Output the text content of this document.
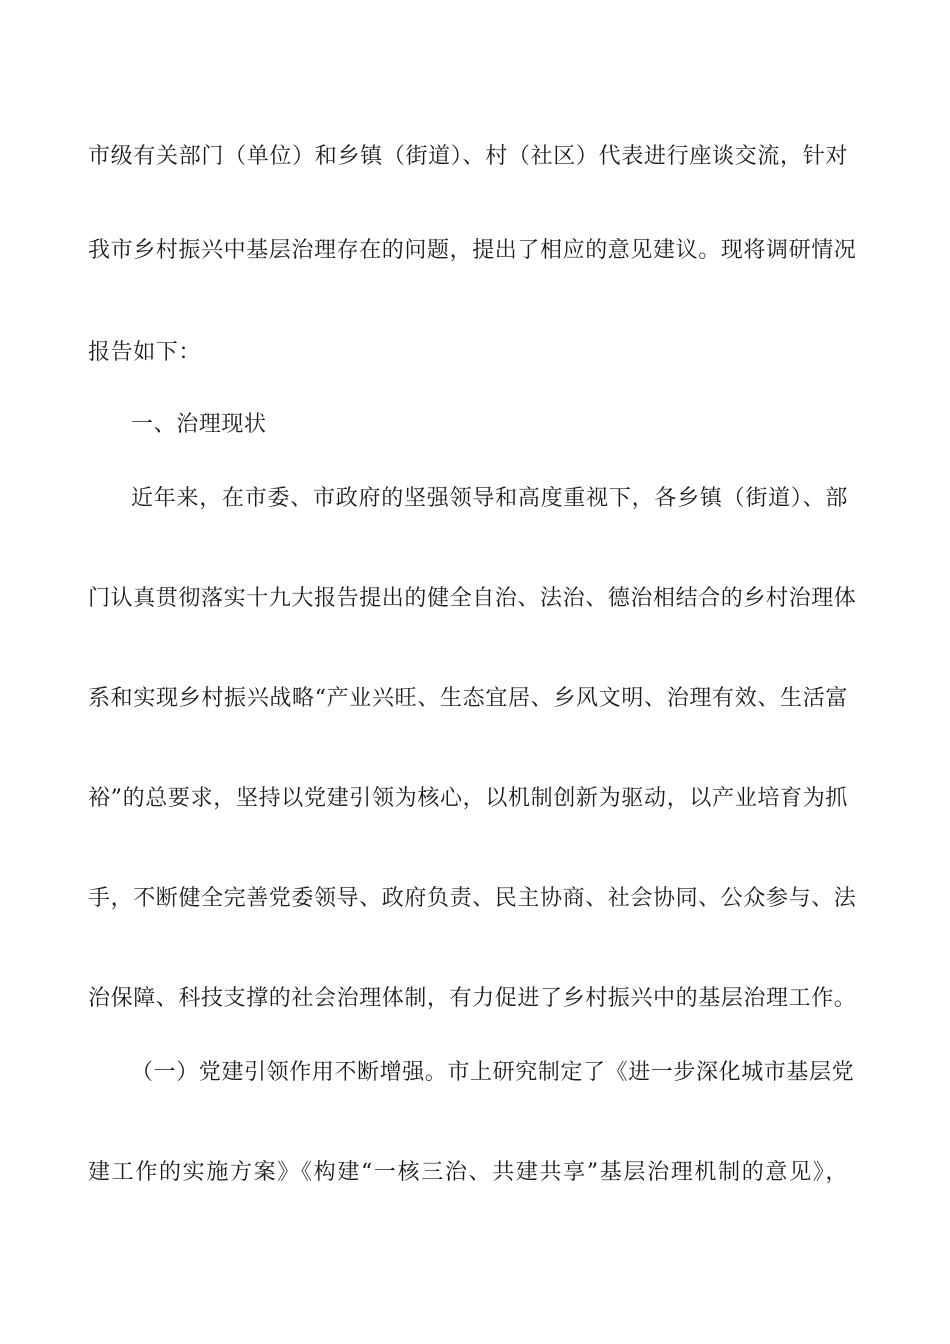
市级有关部门（单位）和乡镇（街道）、村（社区）代表进行座谈交流，针对
我市乡村振兴中基层治理存在的问题，提出了相应的意见建议。现将调研情况
报告如下：
一、治理现状
近年来，在市委、市政府的坚强领导和高度重视下，各乡镇（街道）、部
门认真贯彻落实十九大报告提出的健全自治、法治、德治相结合的乡村治理体
系和实现乡村振兴战略“产业兴旺、生态宜居、乡风文明、治理有效、生活富
裕”的总要求，坚持以党建引领为核心，以机制创新为驱动，以产业培育为抓
手，不断健全完善党委领导、政府负责、民主协商、社会协同、公众参与、法
治保障、科技支撑的社会治理体制，有力促进了乡村振兴中的基层治理工作。
（一）党建引领作用不断增强。市上研究制定了《进一步深化城市基层党
建工作的实施方案》《构建“一核三治、共建共享”基层治理机制的意见》，
